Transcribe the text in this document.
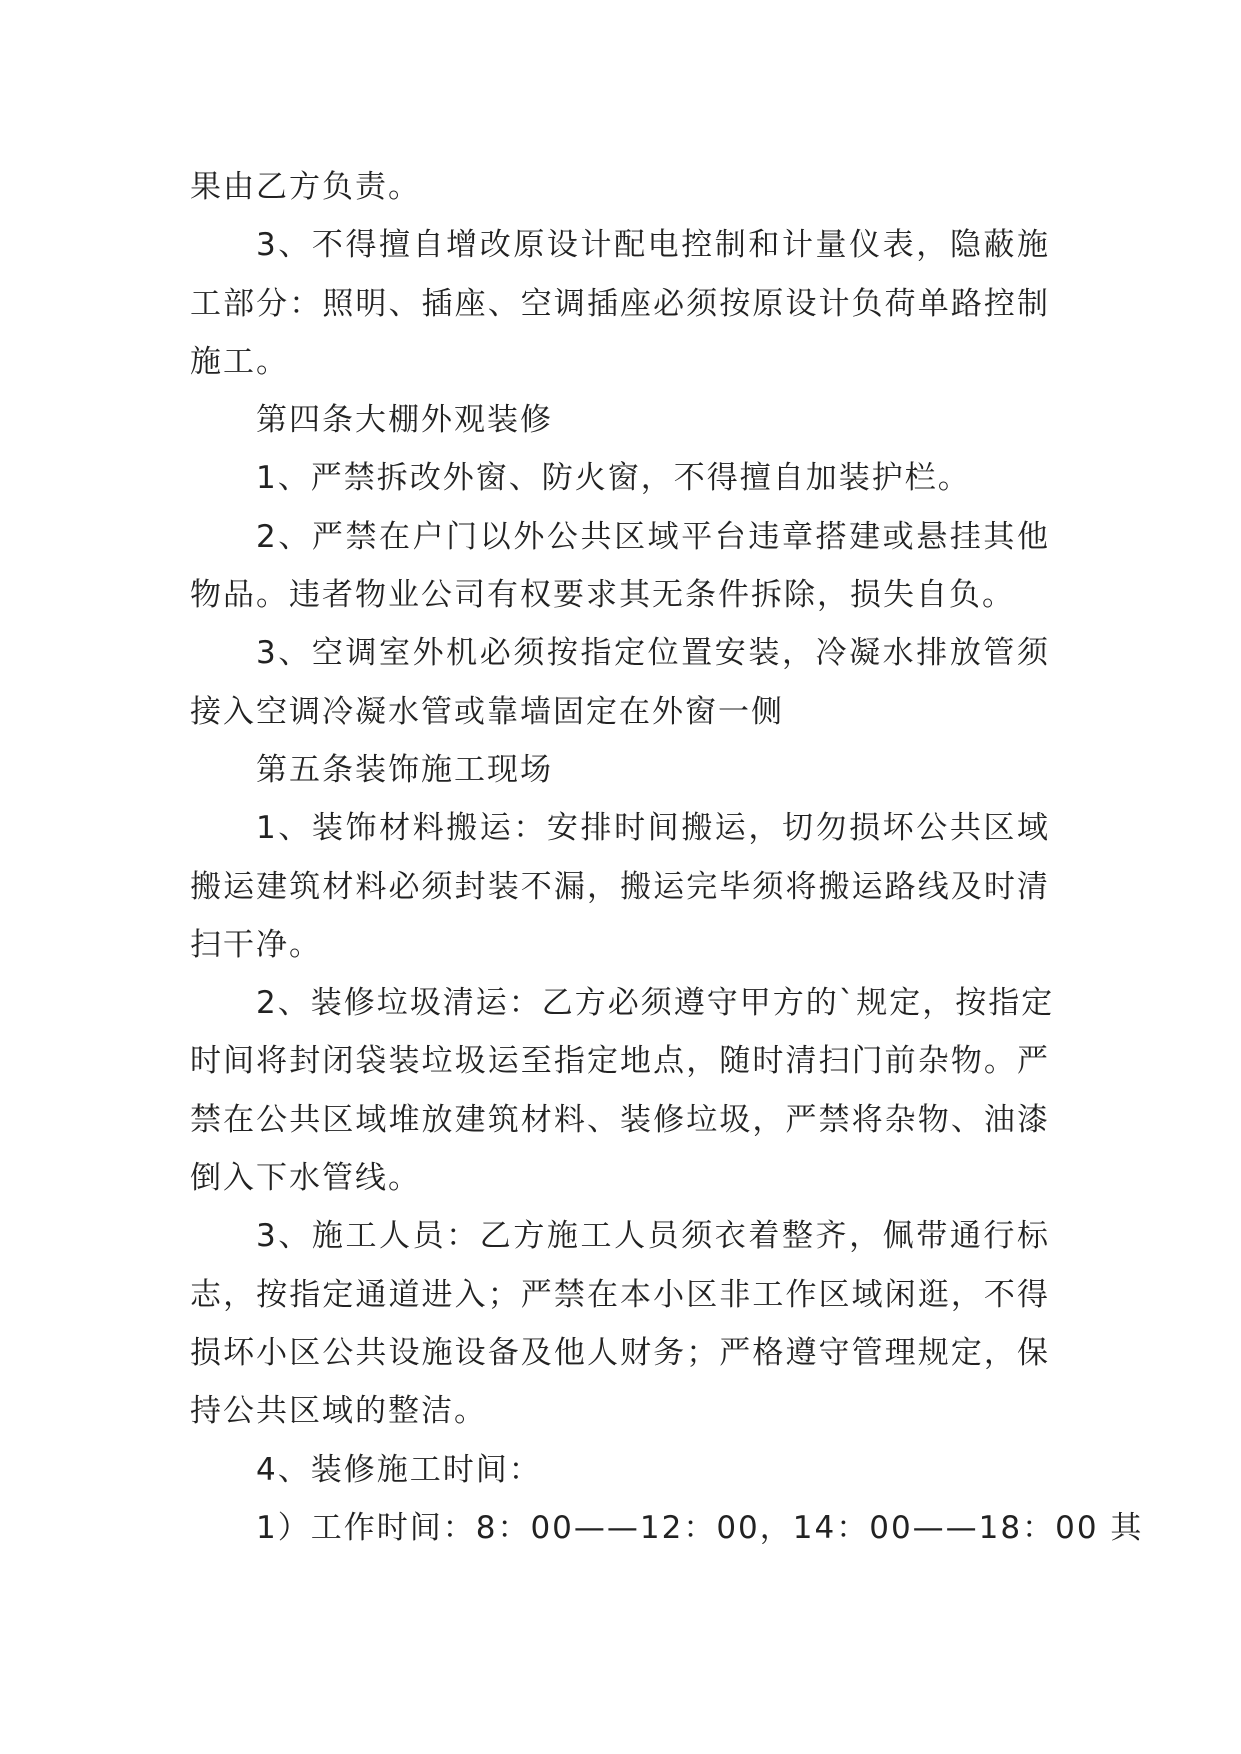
果由乙方负责。
3、不得擅自增改原设计配电控制和计量仪表，隐蔽施
工部分：照明、插座、空调插座必须按原设计负荷单路控制
施工。
第四条大棚外观装修
1、严禁拆改外窗、防火窗，不得擅自加装护栏。
2、严禁在户门以外公共区域平台违章搭建或悬挂其他
物品。违者物业公司有权要求其无条件拆除，损失自负。
3、空调室外机必须按指定位置安装，冷凝水排放管须
接入空调冷凝水管或靠墙固定在外窗一侧
第五条装饰施工现场
1、装饰材料搬运：安排时间搬运，切勿损坏公共区域
搬运建筑材料必须封装不漏，搬运完毕须将搬运路线及时清
扫干净。
2、装修垃圾清运：乙方必须遵守甲方的`规定，按指定
时间将封闭袋装垃圾运至指定地点，随时清扫门前杂物。严
禁在公共区域堆放建筑材料、装修垃圾，严禁将杂物、油漆
倒入下水管线。
3、施工人员：乙方施工人员须衣着整齐，佩带通行标
志，按指定通道进入；严禁在本小区非工作区域闲逛，不得
损坏小区公共设施设备及他人财务；严格遵守管理规定，保
持公共区域的整洁。
4、装修施工时间：
1）工作时间：8：00——12：00，14：00——18：00 其
